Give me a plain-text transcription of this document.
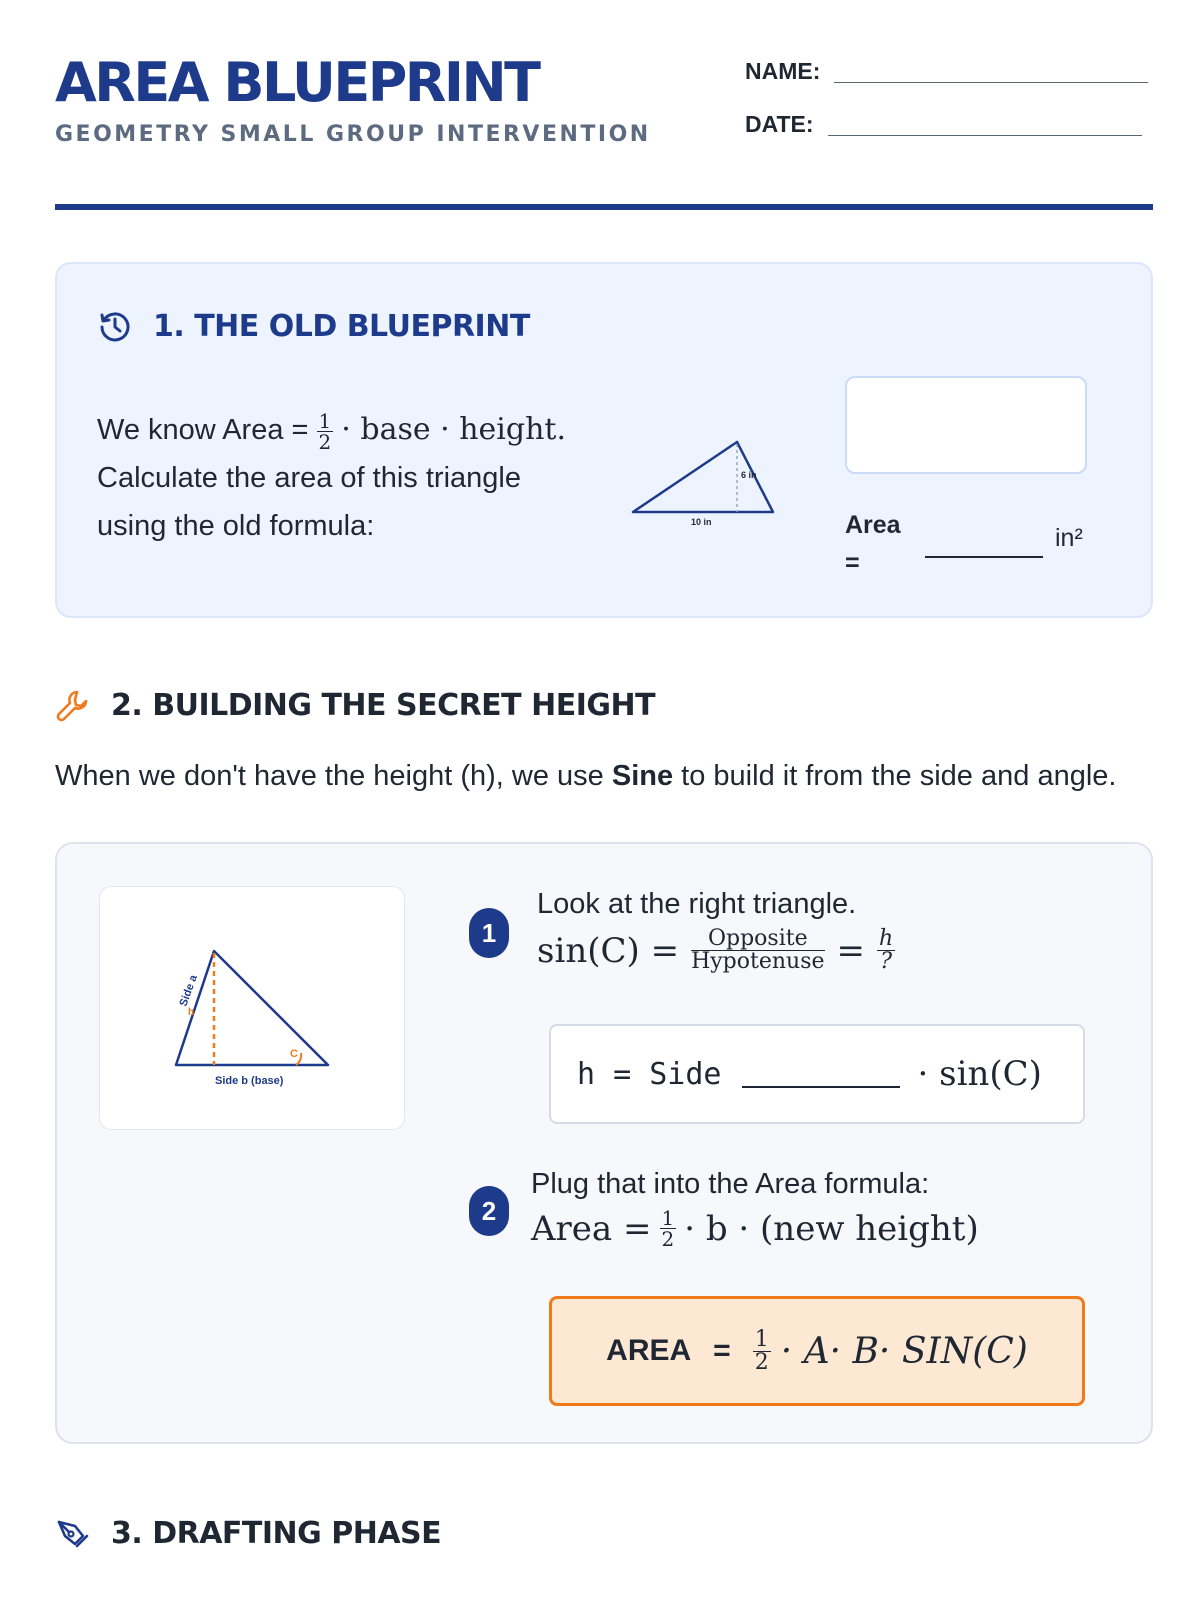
AREA BLUEPRINT
GEOMETRY SMALL GROUP INTERVENTION
NAME:
DATE:
1. THE OLD BLUEPRINT
We know Area = $\frac{1}{2}$ · base · height.
Calculate the area of this triangle
using the old formula:
6 in
10 in	Area =
in²
2. BUILDING THE SECRET HEIGHT
When we don't have the height (h), we use Sine to build it from the side and angle.
C
Side a
h
Side b (base)
1
Look at the right triangle.
$\sin(C) = \frac{\text{Opposite}}{\text{Hypotenuse}} = \frac{h}{?}$
h = Side	· sin(C)
2
Plug that into the Area formula:
Area = $\frac{1}{2} \cdot b \cdot (new$ height)
AREA = $\frac{1}{2} \cdot A\cdot B\cdot SIN(C)$
3. DRAFTING PHASE
